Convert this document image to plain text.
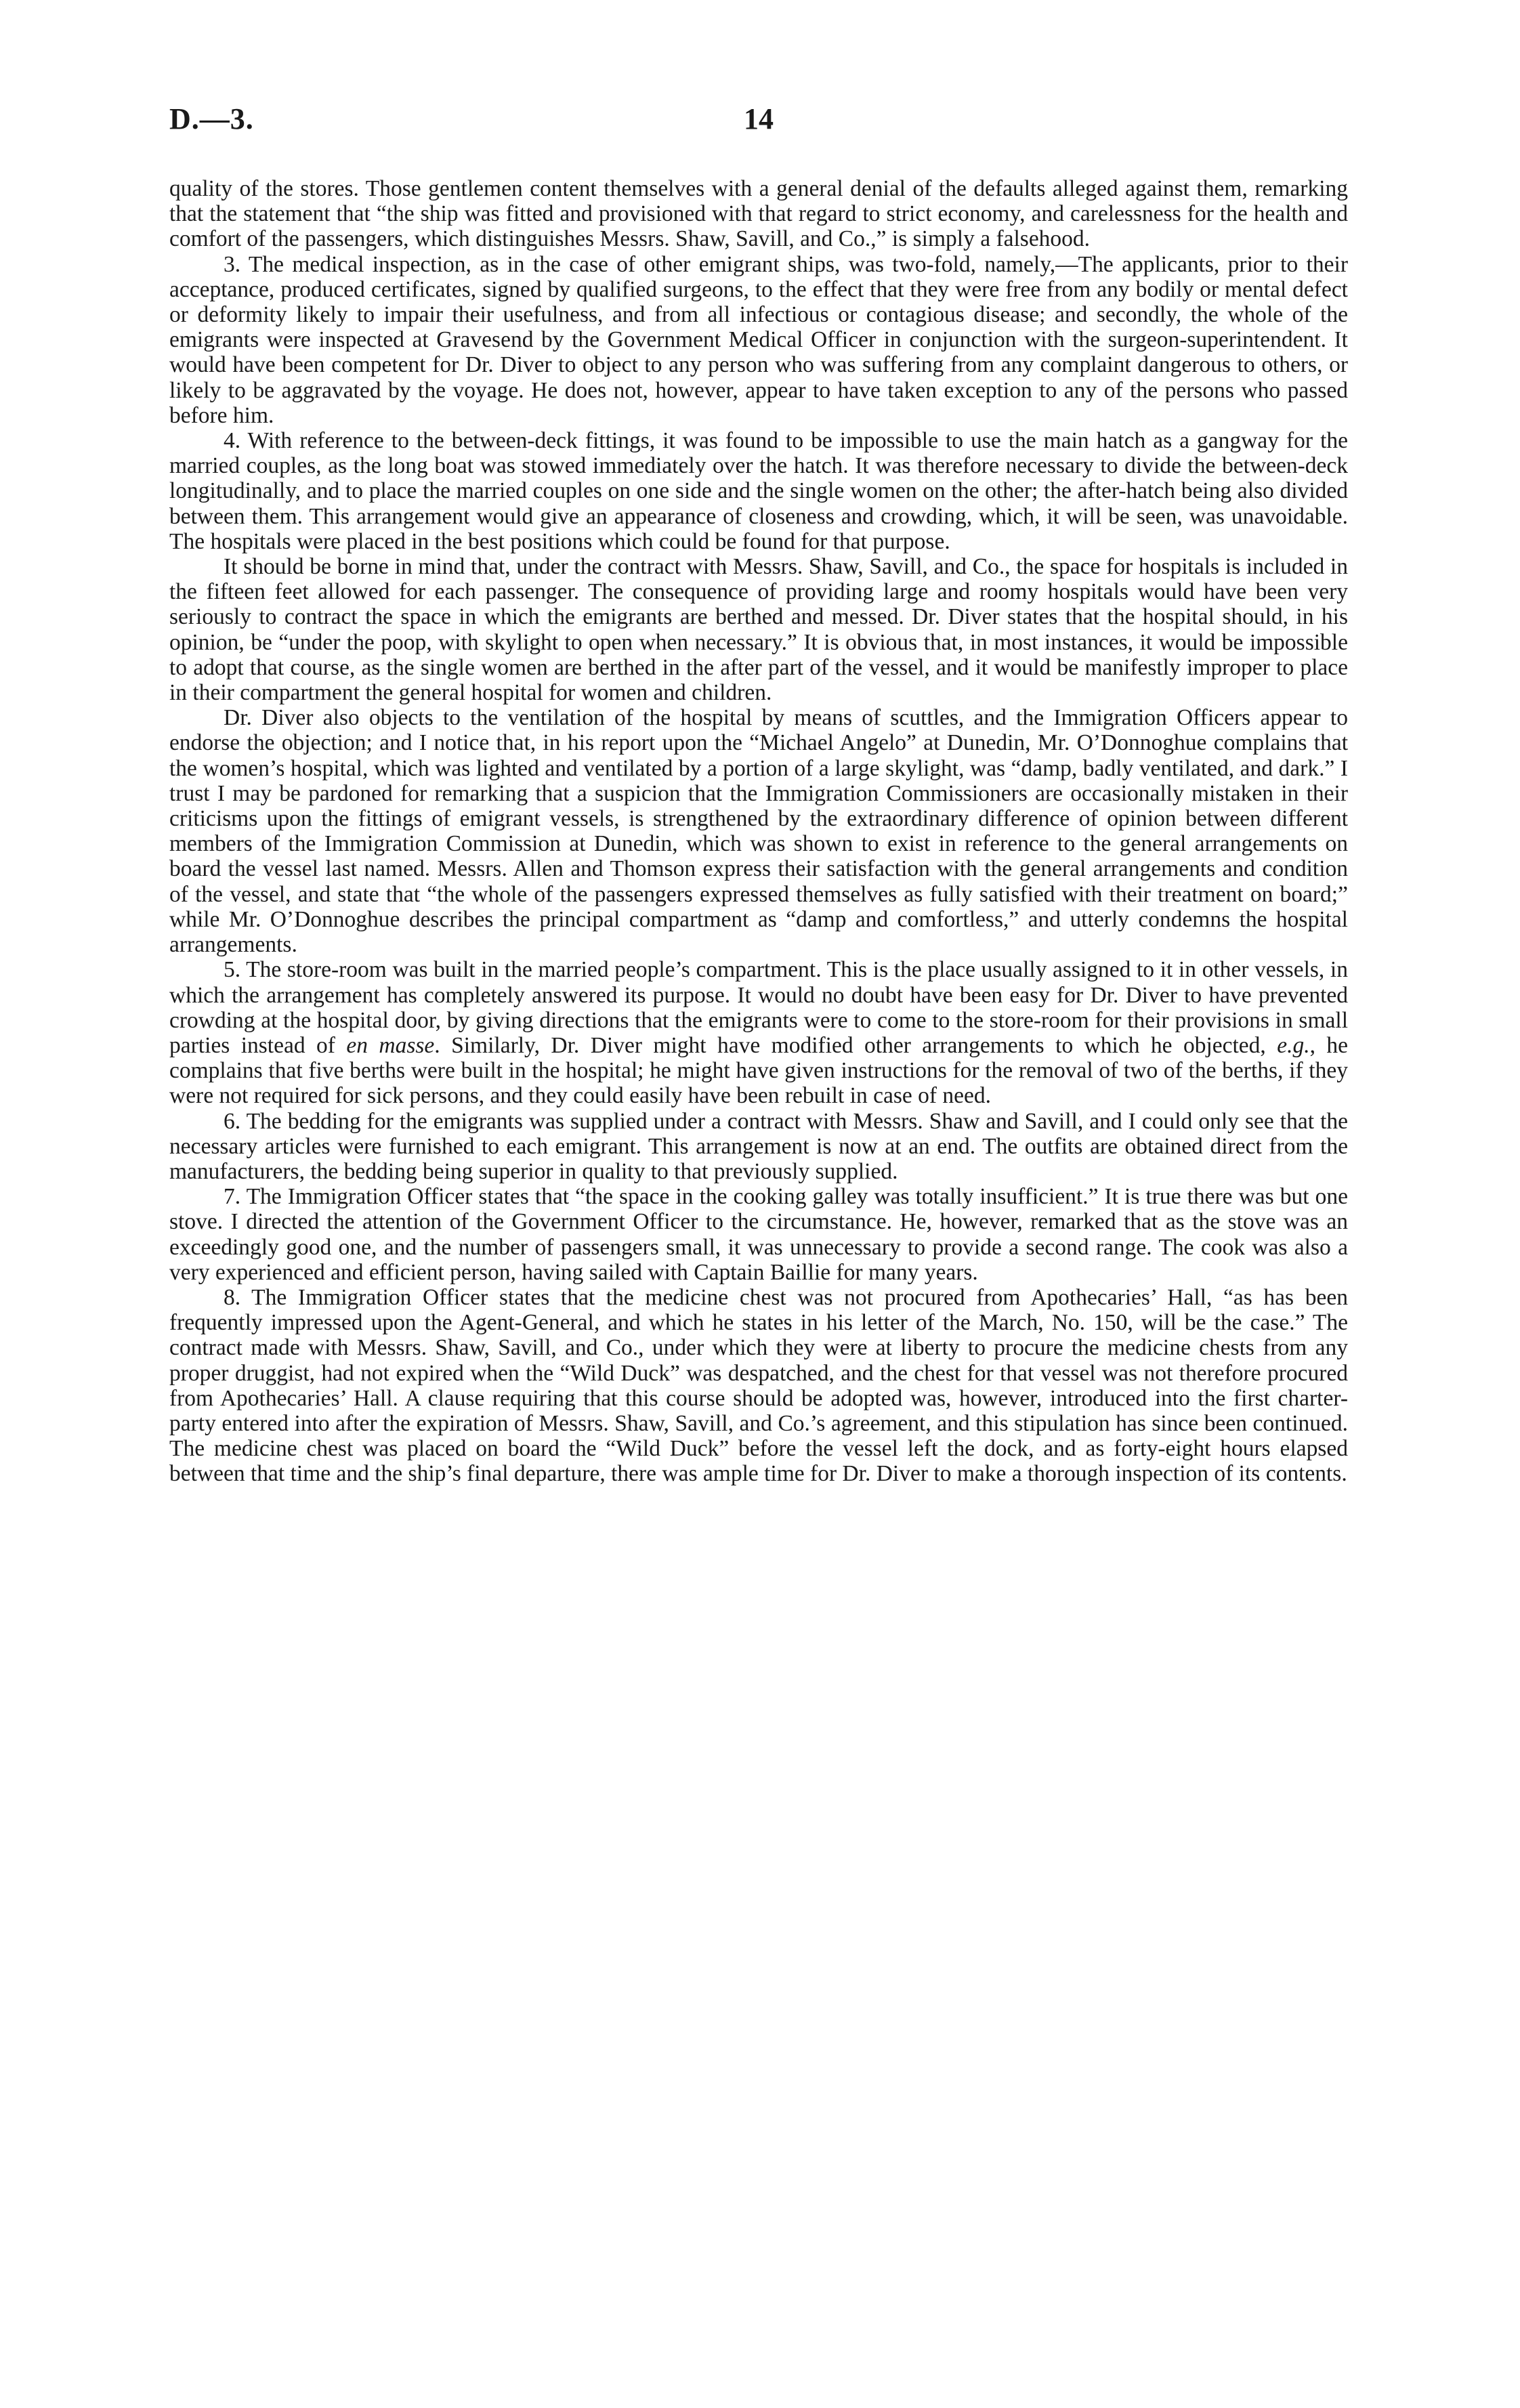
D.—3.	14

quality of the stores. Those gentlemen content themselves with a general denial of the defaults alleged against them, remarking that the statement that “the ship was fitted and provisioned with that regard to strict economy, and carelessness for the health and comfort of the passengers, which distinguishes Messrs. Shaw, Savill, and Co.,” is simply a falsehood.

3. The medical inspection, as in the case of other emigrant ships, was two-fold, namely,—The applicants, prior to their acceptance, produced certificates, signed by qualified surgeons, to the effect that they were free from any bodily or mental defect or deformity likely to impair their usefulness, and from all infectious or contagious disease; and secondly, the whole of the emigrants were inspected at Gravesend by the Government Medical Officer in conjunction with the surgeon-superintendent. It would have been competent for Dr. Diver to object to any person who was suffering from any complaint dangerous to others, or likely to be aggravated by the voyage. He does not, however, appear to have taken exception to any of the persons who passed before him.

4. With reference to the between-deck fittings, it was found to be impossible to use the main hatch as a gangway for the married couples, as the long boat was stowed immediately over the hatch. It was therefore necessary to divide the between-deck longitudinally, and to place the married couples on one side and the single women on the other; the after-hatch being also divided between them. This arrangement would give an appearance of closeness and crowding, which, it will be seen, was unavoidable. The hospitals were placed in the best positions which could be found for that purpose.

It should be borne in mind that, under the contract with Messrs. Shaw, Savill, and Co., the space for hospitals is included in the fifteen feet allowed for each passenger. The consequence of providing large and roomy hospitals would have been very seriously to contract the space in which the emigrants are berthed and messed. Dr. Diver states that the hospital should, in his opinion, be “under the poop, with skylight to open when necessary.” It is obvious that, in most instances, it would be impossible to adopt that course, as the single women are berthed in the after part of the vessel, and it would be manifestly improper to place in their compartment the general hospital for women and children.

Dr. Diver also objects to the ventilation of the hospital by means of scuttles, and the Immigration Officers appear to endorse the objection; and I notice that, in his report upon the “Michael Angelo” at Dunedin, Mr. O’Donnoghue complains that the women’s hospital, which was lighted and ventilated by a portion of a large skylight, was “damp, badly ventilated, and dark.” I trust I may be pardoned for remarking that a suspicion that the Immigration Commissioners are occasionally mistaken in their criticisms upon the fittings of emigrant vessels, is strengthened by the extraordinary difference of opinion between different members of the Immigration Commission at Dunedin, which was shown to exist in reference to the general arrangements on board the vessel last named. Messrs. Allen and Thomson express their satisfaction with the general arrangements and condition of the vessel, and state that “the whole of the passengers expressed themselves as fully satisfied with their treatment on board;” while Mr. O’Donnoghue describes the principal compartment as “damp and comfortless,” and utterly condemns the hospital arrangements.

5. The store-room was built in the married people’s compartment. This is the place usually assigned to it in other vessels, in which the arrangement has completely answered its purpose. It would no doubt have been easy for Dr. Diver to have prevented crowding at the hospital door, by giving directions that the emigrants were to come to the store-room for their provisions in small parties instead of en masse. Similarly, Dr. Diver might have modified other arrangements to which he objected, e.g., he complains that five berths were built in the hospital; he might have given instructions for the removal of two of the berths, if they were not required for sick persons, and they could easily have been rebuilt in case of need.

6. The bedding for the emigrants was supplied under a contract with Messrs. Shaw and Savill, and I could only see that the necessary articles were furnished to each emigrant. This arrangement is now at an end. The outfits are obtained direct from the manufacturers, the bedding being superior in quality to that previously supplied.

7. The Immigration Officer states that “the space in the cooking galley was totally insufficient.” It is true there was but one stove. I directed the attention of the Government Officer to the circumstance. He, however, remarked that as the stove was an exceedingly good one, and the number of passengers small, it was unnecessary to provide a second range. The cook was also a very experienced and efficient person, having sailed with Captain Baillie for many years.

8. The Immigration Officer states that the medicine chest was not procured from Apothecaries’ Hall, “as has been frequently impressed upon the Agent-General, and which he states in his letter of the March, No. 150, will be the case.” The contract made with Messrs. Shaw, Savill, and Co., under which they were at liberty to procure the medicine chests from any proper druggist, had not expired when the “Wild Duck” was despatched, and the chest for that vessel was not therefore procured from Apothecaries’ Hall. A clause requiring that this course should be adopted was, however, introduced into the first charter-party entered into after the expiration of Messrs. Shaw, Savill, and Co.’s agreement, and this stipulation has since been continued. The medicine chest was placed on board the “Wild Duck” before the vessel left the dock, and as forty-eight hours elapsed between that time and the ship’s final departure, there was ample time for Dr. Diver to make a thorough inspection of its contents.
